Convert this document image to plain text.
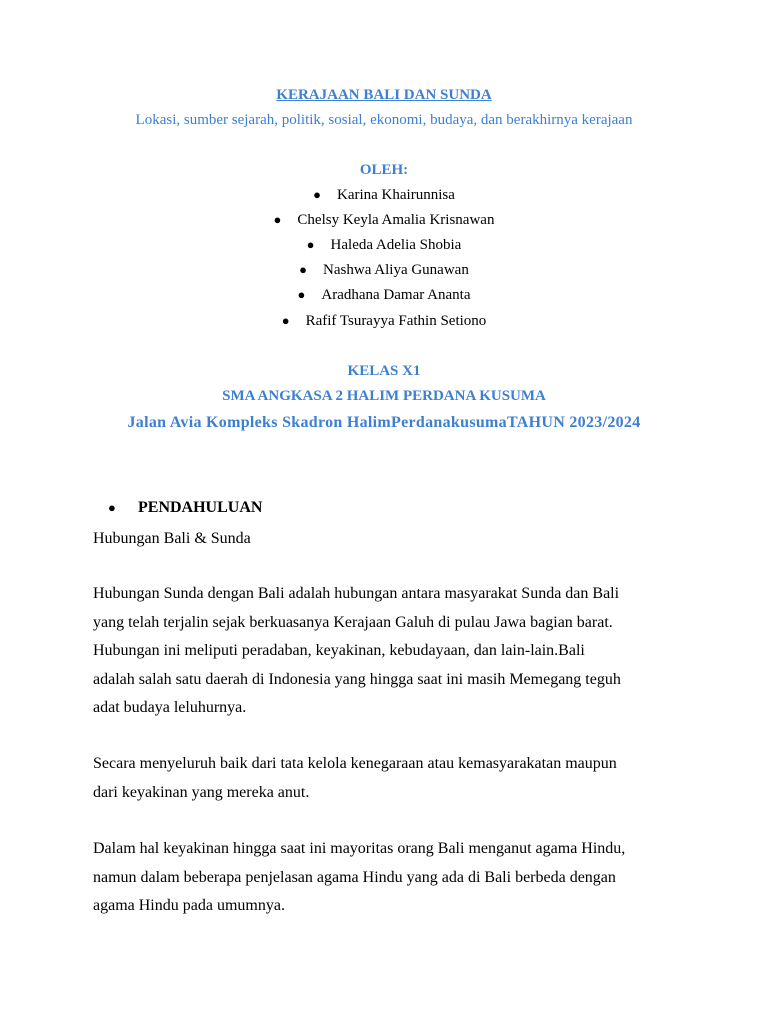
KERAJAAN BALI DAN SUNDA
Lokasi, sumber sejarah, politik, sosial, ekonomi, budaya, dan berakhirnya kerajaan
OLEH:
● Karina Khairunnisa
● Chelsy Keyla Amalia Krisnawan
● Haleda Adelia Shobia
● Nashwa Aliya Gunawan
● Aradhana Damar Ananta
● Rafif Tsurayya Fathin Setiono
KELAS X1
SMA ANGKASA 2 HALIM PERDANA KUSUMA
Jalan Avia Kompleks Skadron HalimPerdanakusumaTAHUN 2023/2024
● PENDAHULUAN
Hubungan Bali & Sunda
Hubungan Sunda dengan Bali adalah hubungan antara masyarakat Sunda dan Bali
yang telah terjalin sejak berkuasanya Kerajaan Galuh di pulau Jawa bagian barat.
Hubungan ini meliputi peradaban, keyakinan, kebudayaan, dan lain-lain.Bali
adalah salah satu daerah di Indonesia yang hingga saat ini masih Memegang teguh
adat budaya leluhurnya.
Secara menyeluruh baik dari tata kelola kenegaraan atau kemasyarakatan maupun
dari keyakinan yang mereka anut.
Dalam hal keyakinan hingga saat ini mayoritas orang Bali menganut agama Hindu,
namun dalam beberapa penjelasan agama Hindu yang ada di Bali berbeda dengan
agama Hindu pada umumnya.
